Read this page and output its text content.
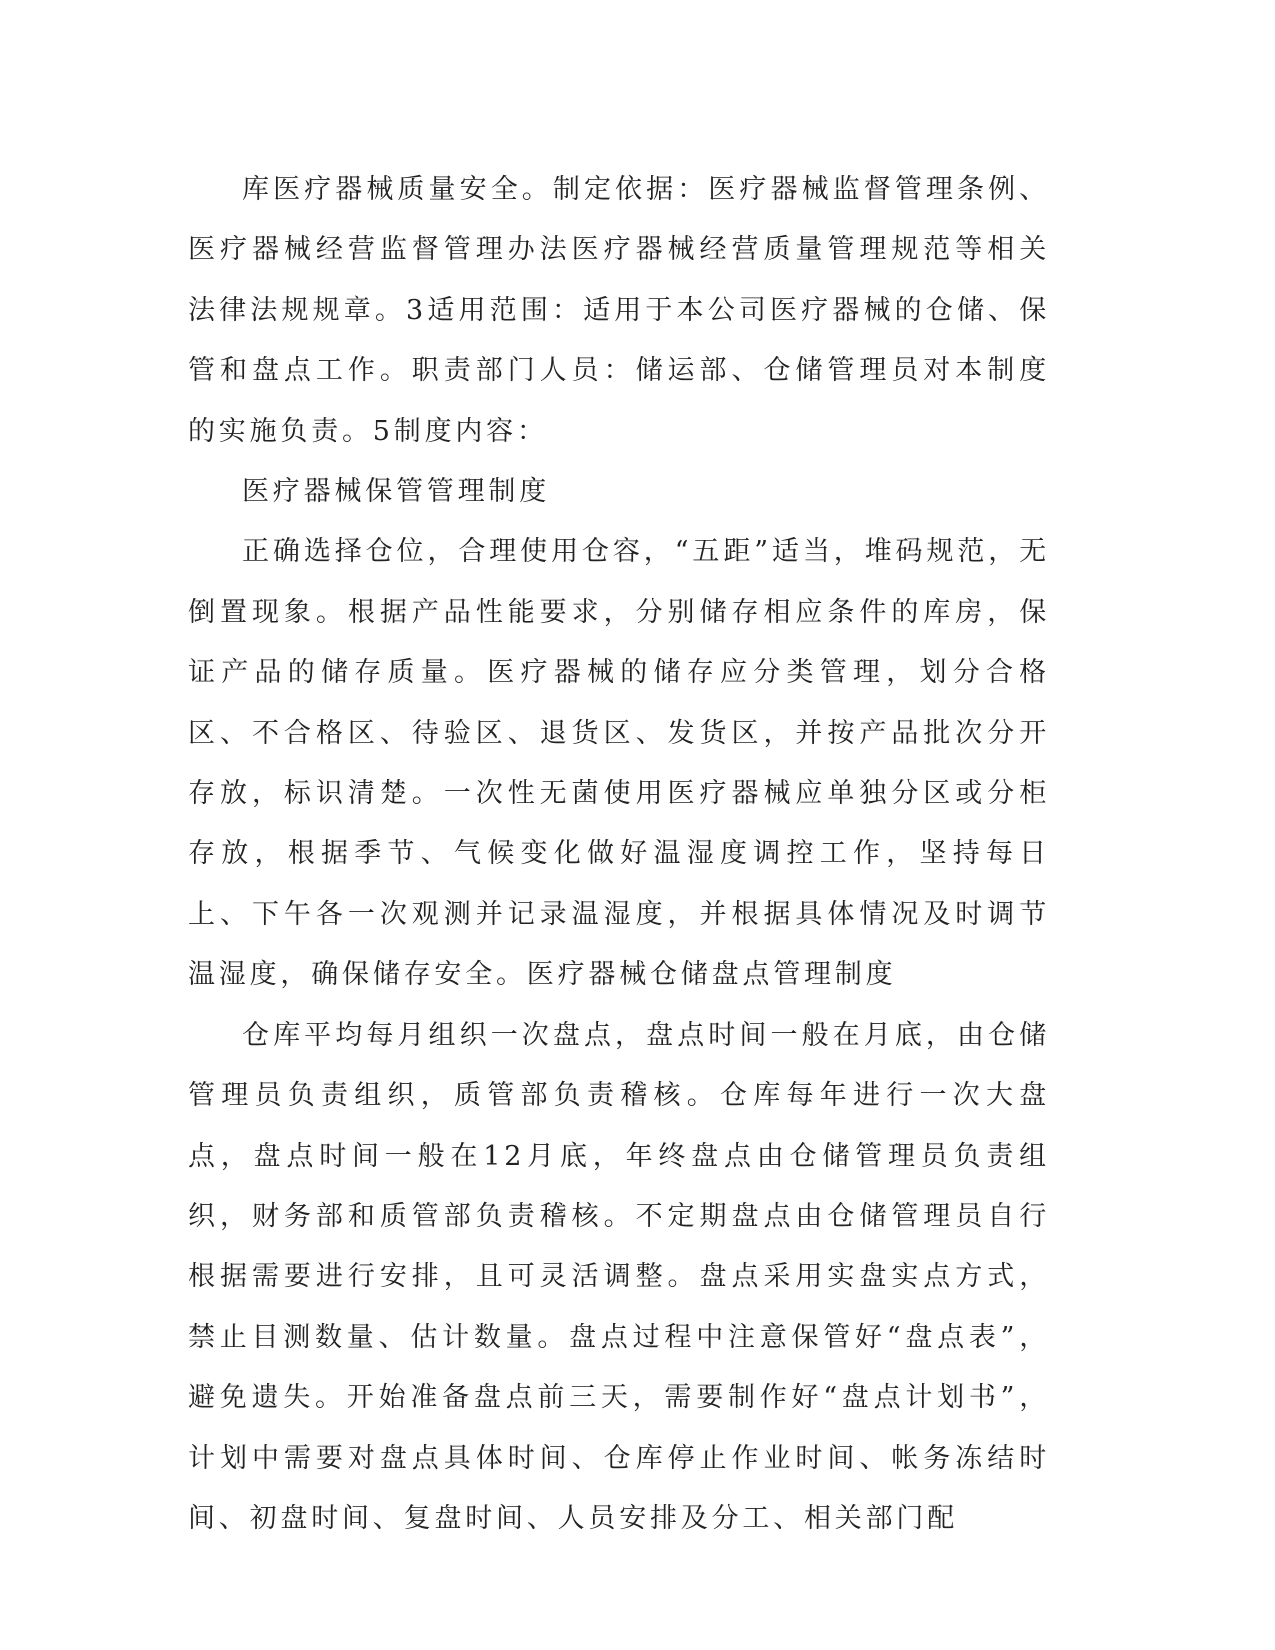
库医疗器械质量安全。制定依据：医疗器械监督管理条例、医疗器械经营监督管理办法医疗器械经营质量管理规范等相关法律法规规章。3适用范围：适用于本公司医疗器械的仓储、保管和盘点工作。职责部门人员：储运部、仓储管理员对本制度的实施负责。5制度内容：

医疗器械保管管理制度

正确选择仓位，合理使用仓容，“五距”适当，堆码规范，无倒置现象。根据产品性能要求，分别储存相应条件的库房，保证产品的储存质量。医疗器械的储存应分类管理，划分合格区、不合格区、待验区、退货区、发货区，并按产品批次分开存放，标识清楚。一次性无菌使用医疗器械应单独分区或分柜存放，根据季节、气候变化做好温湿度调控工作，坚持每日上、下午各一次观测并记录温湿度，并根据具体情况及时调节温湿度，确保储存安全。医疗器械仓储盘点管理制度

仓库平均每月组织一次盘点，盘点时间一般在月底，由仓储管理员负责组织，质管部负责稽核。仓库每年进行一次大盘点，盘点时间一般在12月底，年终盘点由仓储管理员负责组织，财务部和质管部负责稽核。不定期盘点由仓储管理员自行根据需要进行安排，且可灵活调整。盘点采用实盘实点方式，禁止目测数量、估计数量。盘点过程中注意保管好“盘点表”，避免遗失。开始准备盘点前三天，需要制作好“盘点计划书”，计划中需要对盘点具体时间、仓库停止作业时间、帐务冻结时间、初盘时间、复盘时间、人员安排及分工、相关部门配
